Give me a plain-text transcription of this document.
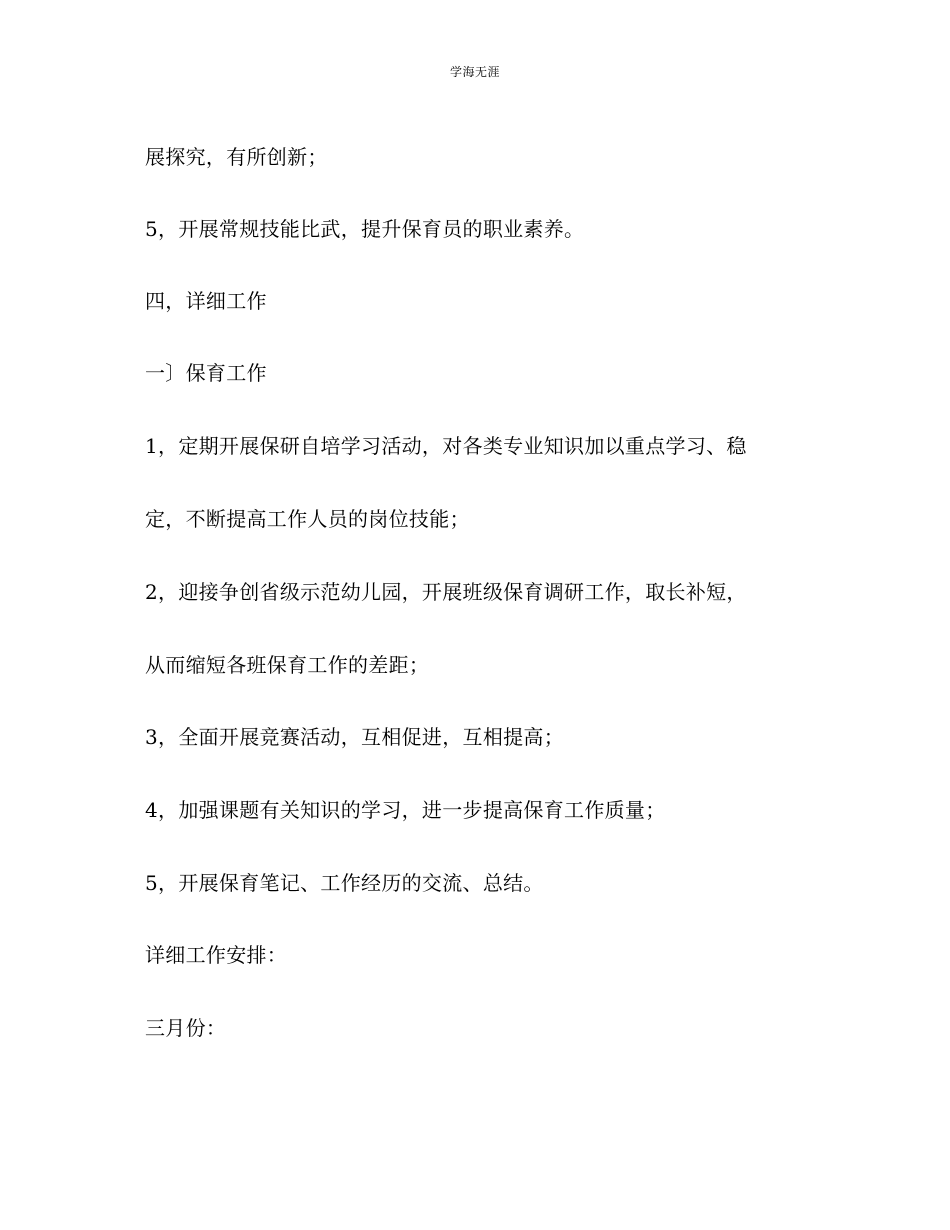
学海无涯
展探究，有所创新；
5，开展常规技能比武，提升保育员的职业素养。
四，详细工作
一〕保育工作
1，定期开展保研自培学习活动，对各类专业知识加以重点学习、稳
定，不断提高工作人员的岗位技能；
2，迎接争创省级示范幼儿园，开展班级保育调研工作，取长补短，
从而缩短各班保育工作的差距；
3，全面开展竞赛活动，互相促进，互相提高；
4，加强课题有关知识的学习，进一步提高保育工作质量；
5，开展保育笔记、工作经历的交流、总结。
详细工作安排：
三月份：
